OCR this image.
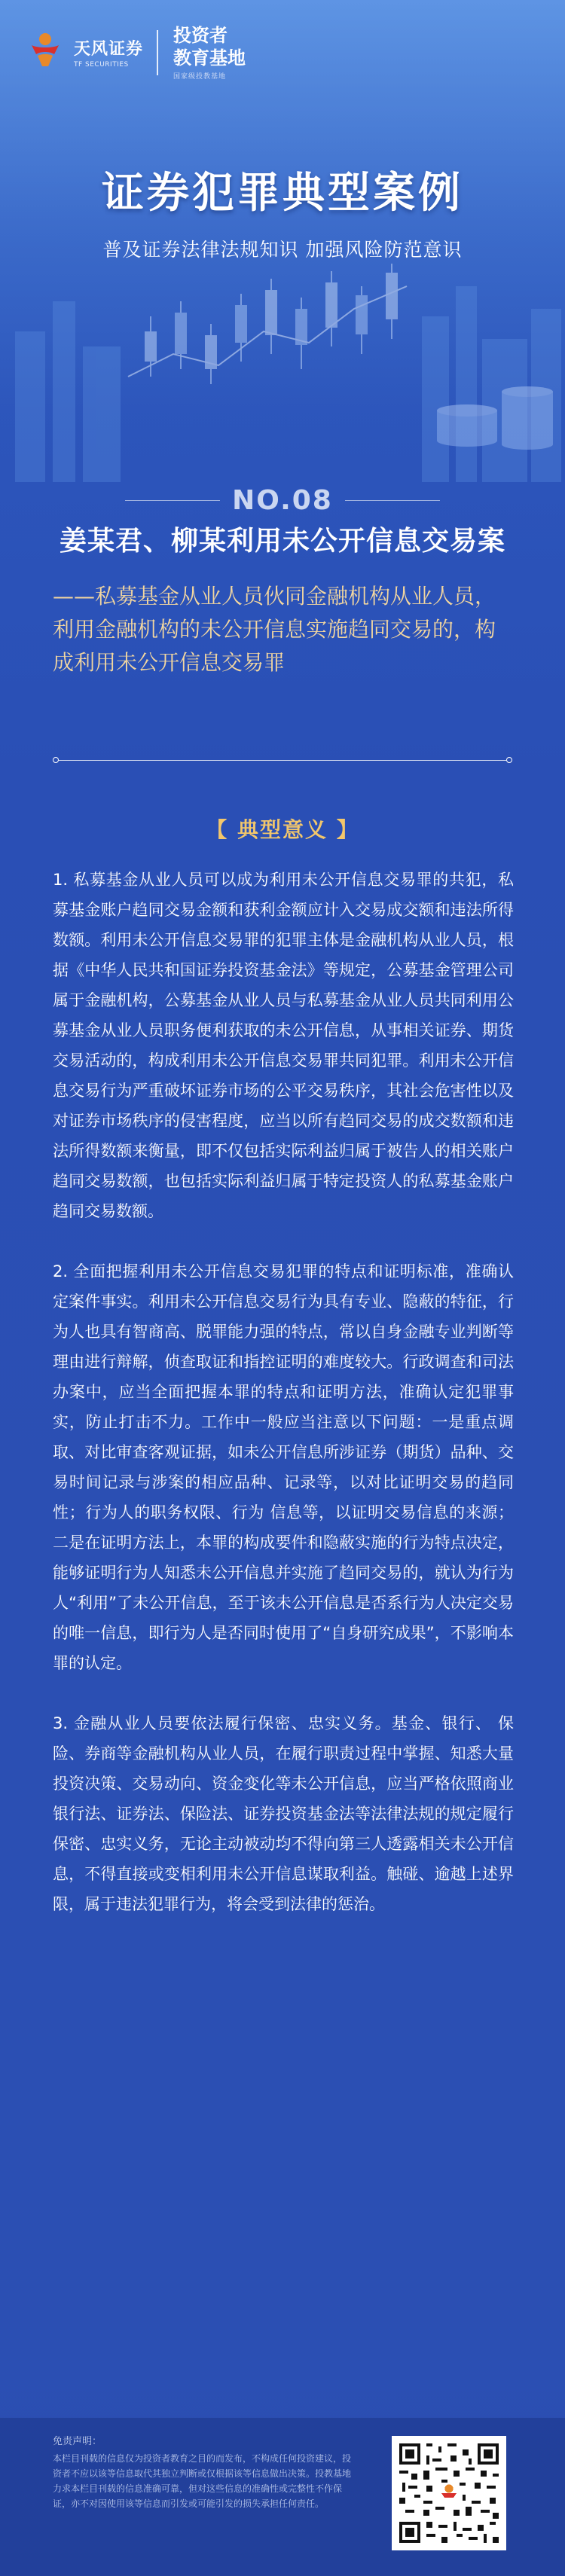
天风证券
TF SECURITIES
投资者
教育基地
国家级投教基地
证券犯罪典型案例
普及证券法律法规知识 加强风险防范意识
NO.08
姜某君、柳某利用未公开信息交易案
——私募基金从业人员伙同金融机构从业人员，利用金融机构的未公开信息实施趋同交易的，构成利用未公开信息交易罪
【 典型意义 】

1. 私募基金从业人员可以成为利用未公开信息交易罪的共犯，私募基金账户趋同交易金额和获利金额应计入交易成交额和违法所得数额。利用未公开信息交易罪的犯罪主体是金融机构从业人员，根据《中华人民共和国证券投资基金法》等规定，公募基金管理公司属于金融机构，公募基金从业人员与私募基金从业人员共同利用公募基金从业人员职务便利获取的未公开信息，从事相关证券、期货交易活动的，构成利用未公开信息交易罪共同犯罪。利用未公开信息交易行为严重破坏证券市场的公平交易秩序，其社会危害性以及对证券市场秩序的侵害程度，应当以所有趋同交易的成交数额和违法所得数额来衡量，即不仅包括实际利益归属于被告人的相关账户趋同交易数额，也包括实际利益归属于特定投资人的私募基金账户趋同交易数额。

2. 全面把握利用未公开信息交易犯罪的特点和证明标准，准确认定案件事实。利用未公开信息交易行为具有专业、隐蔽的特征，行为人也具有智商高、脱罪能力强的特点，常以自身金融专业判断等理由进行辩解，侦查取证和指控证明的难度较大。行政调查和司法办案中，应当全面把握本罪的特点和证明方法，准确认定犯罪事实，防止打击不力。工作中一般应当注意以下问题：一是重点调取、对比审查客观证据，如未公开信息所涉证券（期货）品种、交易时间记录与涉案的相应品种、记录等，以对比证明交易的趋同性；行为人的职务权限、行为 信息等，以证明交易信息的来源；二是在证明方法上，本罪的构成要件和隐蔽实施的行为特点决定，能够证明行为人知悉未公开信息并实施了趋同交易的，就认为行为人“利用”了未公开信息，至于该未公开信息是否系行为人决定交易的唯一信息，即行为人是否同时使用了“自身研究成果”，不影响本罪的认定。

3. 金融从业人员要依法履行保密、忠实义务。基金、银行、 保险、券商等金融机构从业人员，在履行职责过程中掌握、知悉大量投资决策、交易动向、资金变化等未公开信息，应当严格依照商业银行法、证券法、保险法、证券投资基金法等法律法规的规定履行保密、忠实义务，无论主动被动均不得向第三人透露相关未公开信息，不得直接或变相利用未公开信息谋取利益。触碰、逾越上述界限，属于违法犯罪行为，将会受到法律的惩治。

免责声明：
本栏目刊载的信息仅为投资者教育之目的而发布，不构成任何投资建议，投资者不应以该等信息取代其独立判断或仅根据该等信息做出决策。投教基地力求本栏目刊载的信息准确可靠，但对这些信息的准确性或完整性不作保证，亦不对因使用该等信息而引发或可能引发的损失承担任何责任。
